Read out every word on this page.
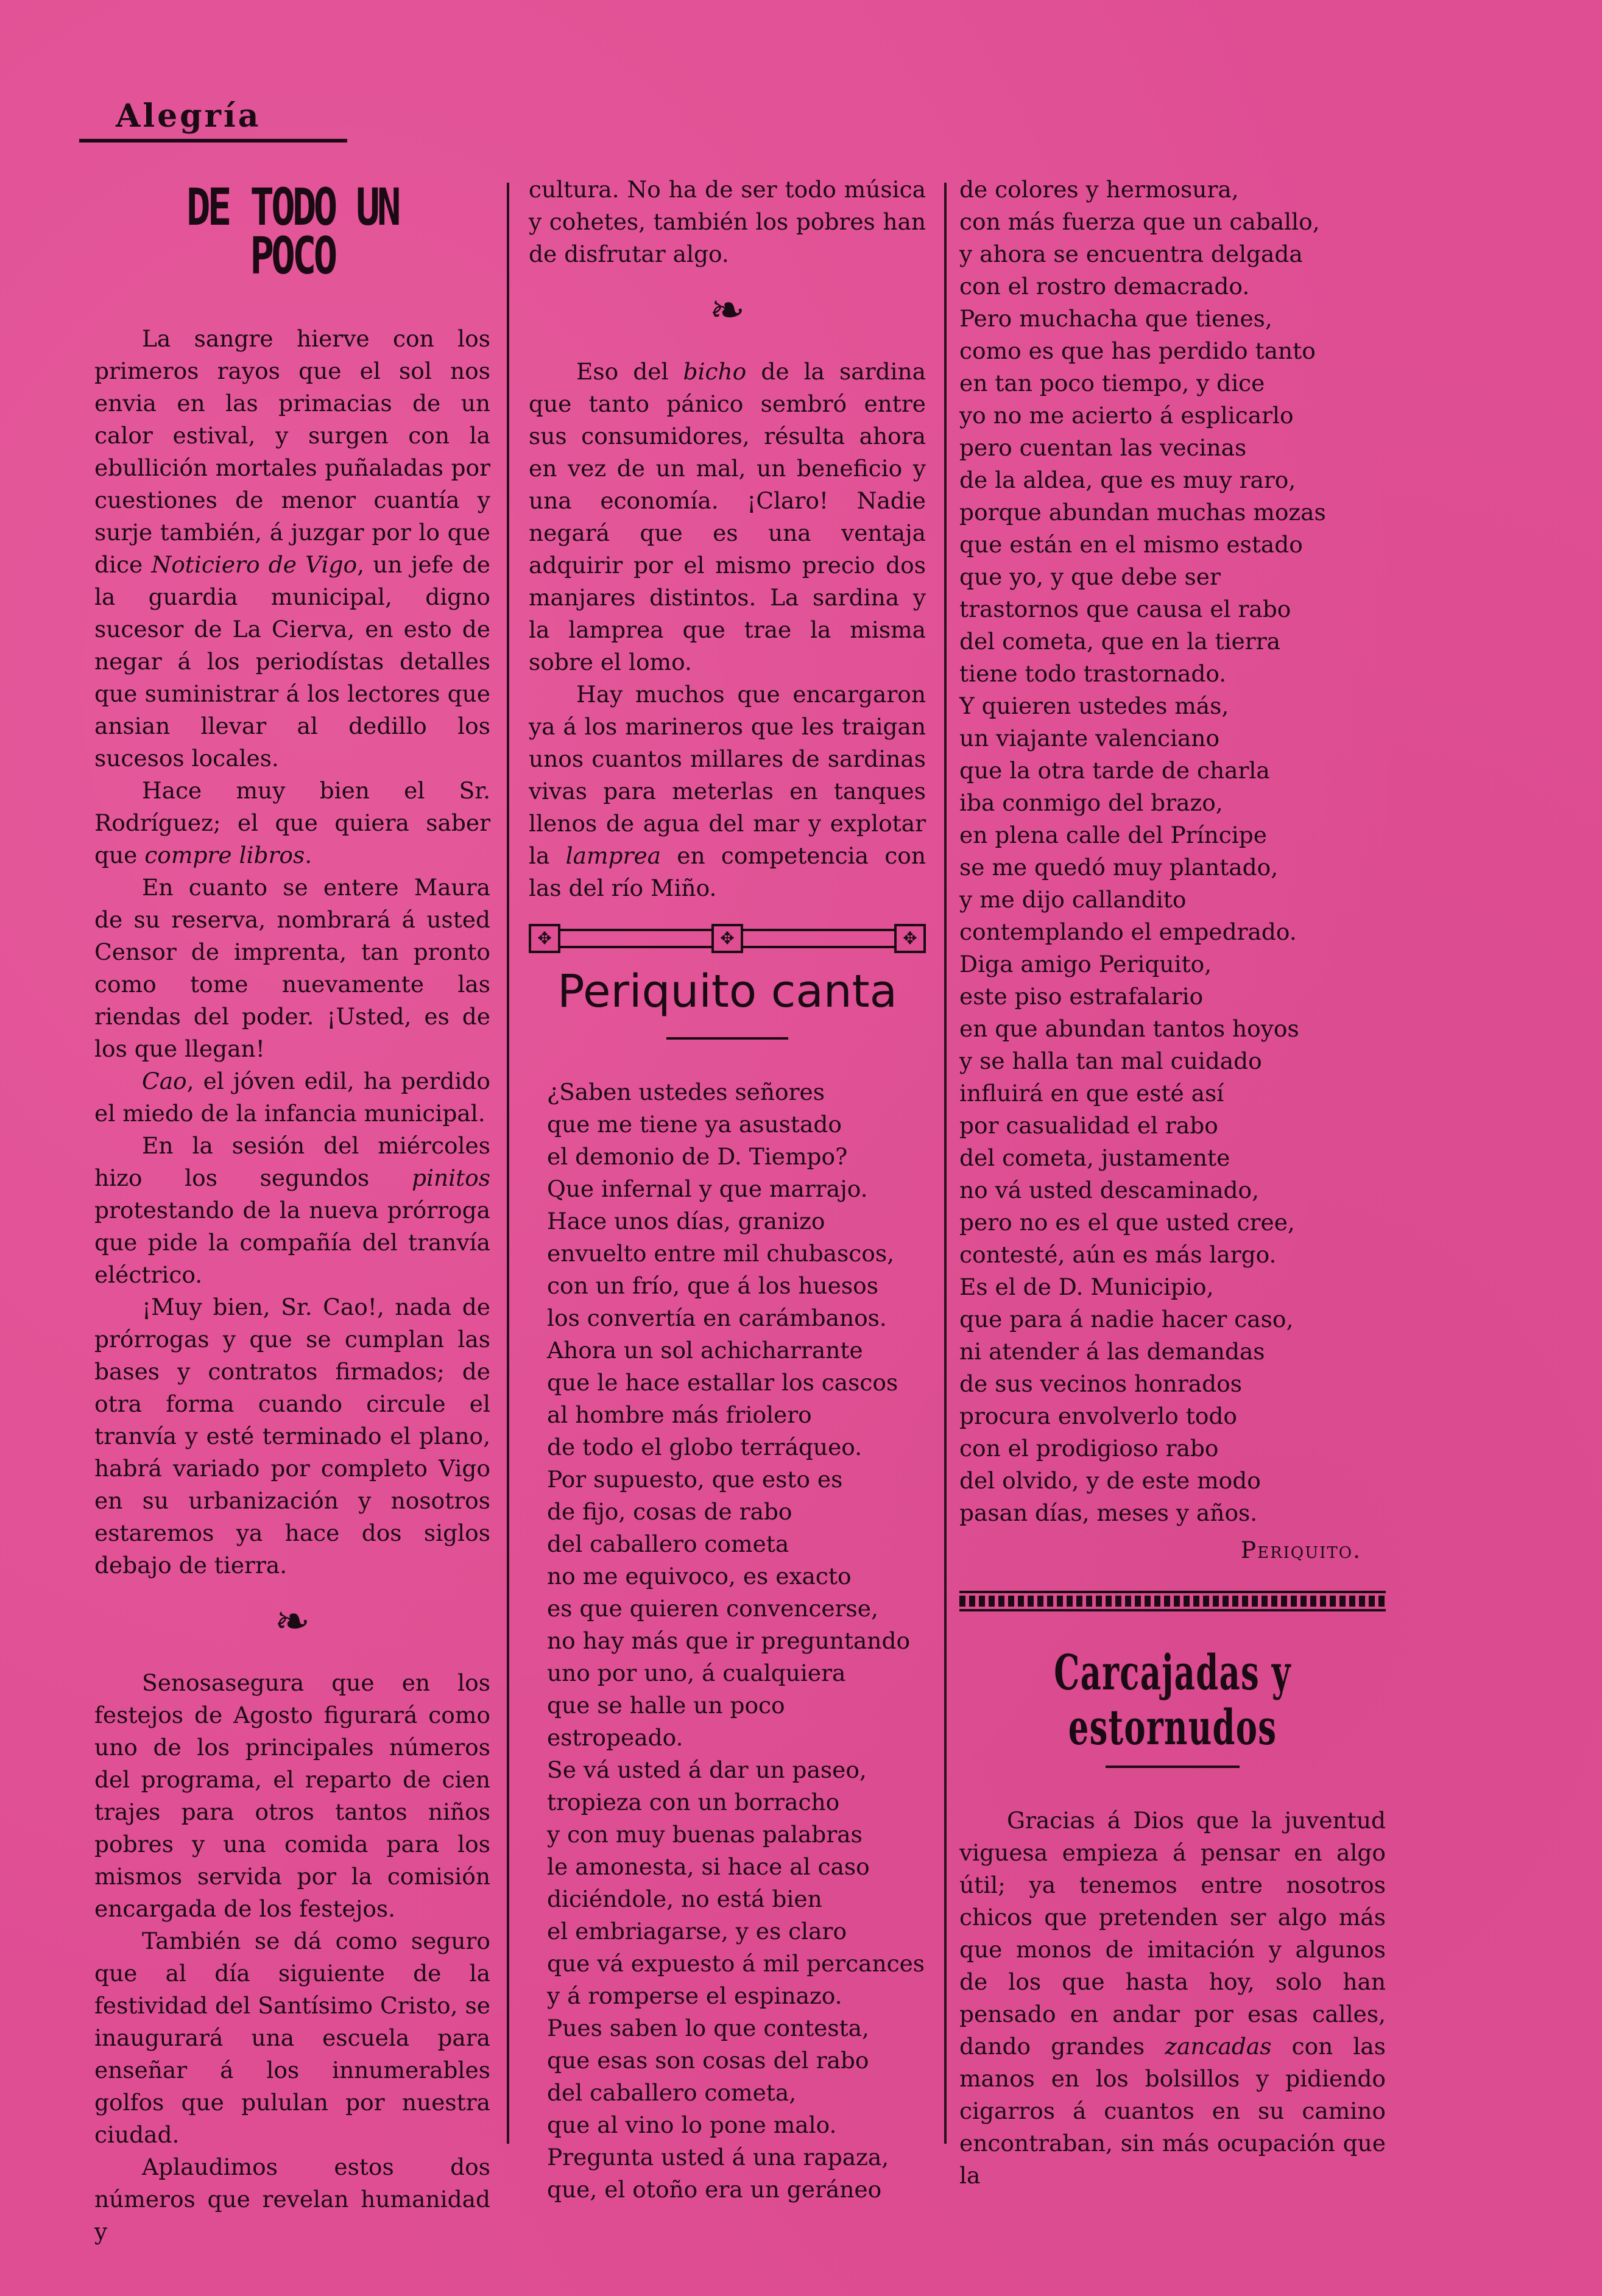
Alegría
DE TODO UN POCO

La sangre hierve con los primeros rayos que el sol nos envia en las primacias de un calor estival, y surgen con la ebullición mortales puñaladas por cuestiones de menor cuantía y surje también, á juzgar por lo que dice Noticiero de Vigo, un jefe de la guardia municipal, digno sucesor de La Cierva, en esto de negar á los periodístas detalles que suministrar á los lectores que ansian llevar al dedillo los sucesos locales.

Hace muy bien el Sr. Rodríguez; el que quiera saber que compre libros.

En cuanto se entere Maura de su reserva, nombrará á usted Censor de imprenta, tan pronto como tome nuevamente las riendas del poder. ¡Usted, es de los que llegan!

Cao, el jóven edil, ha perdido el miedo de la infancia municipal.

En la sesión del miércoles hizo los segundos pinitos protestando de la nueva prórroga que pide la compañía del tranvía eléctrico.

¡Muy bien, Sr. Cao!, nada de prórrogas y que se cumplan las bases y contratos firmados; de otra forma cuando circule el tranvía y esté terminado el plano, habrá variado por completo Vigo en su urbanización y nosotros estaremos ya hace dos siglos debajo de tierra.

❧

Senosasegura que en los festejos de Agosto figurará como uno de los principales números del programa, el reparto de cien trajes para otros tantos niños pobres y una comida para los mismos servida por la comisión encargada de los festejos.

También se dá como seguro que al día siguiente de la festividad del Santísimo Cristo, se inaugurará una escuela para enseñar á los innumerables golfos que pululan por nuestra ciudad.

Aplaudimos estos dos números que revelan humanidad y

cultura. No ha de ser todo música y cohetes, también los pobres han de disfrutar algo.

❧

Eso del bicho de la sardina que tanto pánico sembró entre sus consumidores, résulta ahora en vez de un mal, un beneficio y una economía. ¡Claro! Nadie negará que es una ventaja adquirir por el mismo precio dos manjares distintos. La sardina y la lamprea que trae la misma sobre el lomo.

Hay muchos que encargaron ya á los marineros que les traigan unos cuantos millares de sardinas vivas para meterlas en tanques llenos de agua del mar y explotar la lamprea en competencia con las del río Miño.

✥	✥	✥
Periquito canta
¿Saben ustedes señores
que me tiene ya asustado
el demonio de D. Tiempo?
Que infernal y que marrajo.
Hace unos días, granizo
envuelto entre mil chubascos,
con un frío, que á los huesos
los convertía en carámbanos.
Ahora un sol achicharrante
que le hace estallar los cascos
al hombre más friolero
de todo el globo terráqueo.
Por supuesto, que esto es
de fijo, cosas de rabo
del caballero cometa
no me equivoco, es exacto
es que quieren convencerse,
no hay más que ir preguntando
uno por uno, á cualquiera
que se halle un poco estropeado.
Se vá usted á dar un paseo,
tropieza con un borracho
y con muy buenas palabras
le amonesta, si hace al caso
diciéndole, no está bien
el embriagarse, y es claro
que vá expuesto á mil percances
y á romperse el espinazo.
Pues saben lo que contesta,
que esas son cosas del rabo
del caballero cometa,
que al vino lo pone malo.
Pregunta usted á una rapaza,
que, el otoño era un geráneo
de colores y hermosura,
con más fuerza que un caballo,
y ahora se encuentra delgada
con el rostro demacrado.
Pero muchacha que tienes,
como es que has perdido tanto
en tan poco tiempo, y dice
yo no me acierto á esplicarlo
pero cuentan las vecinas
de la aldea, que es muy raro,
porque abundan muchas mozas
que están en el mismo estado
que yo, y que debe ser
trastornos que causa el rabo
del cometa, que en la tierra
tiene todo trastornado.
Y quieren ustedes más,
un viajante valenciano
que la otra tarde de charla
iba conmigo del brazo,
en plena calle del Príncipe
se me quedó muy plantado,
y me dijo callandito
contemplando el empedrado.
Diga amigo Periquito,
este piso estrafalario
en que abundan tantos hoyos
y se halla tan mal cuidado
influirá en que esté así
por casualidad el rabo
del cometa, justamente
no vá usted descaminado,
pero no es el que usted cree,
contesté, aún es más largo.
Es el de D. Municipio,
que para á nadie hacer caso,
ni atender á las demandas
de sus vecinos honrados
procura envolverlo todo
con el prodigioso rabo
del olvido, y de este modo
pasan días, meses y años.
Periquito.
Carcajadas y estornudos

Gracias á Dios que la juventud viguesa empieza á pensar en algo útil; ya tenemos entre nosotros chicos que pretenden ser algo más que monos de imitación y algunos de los que hasta hoy, solo han pensado en andar por esas calles, dando grandes zancadas con las manos en los bolsillos y pidiendo cigarros á cuantos en su camino encontraban, sin más ocupación que la
